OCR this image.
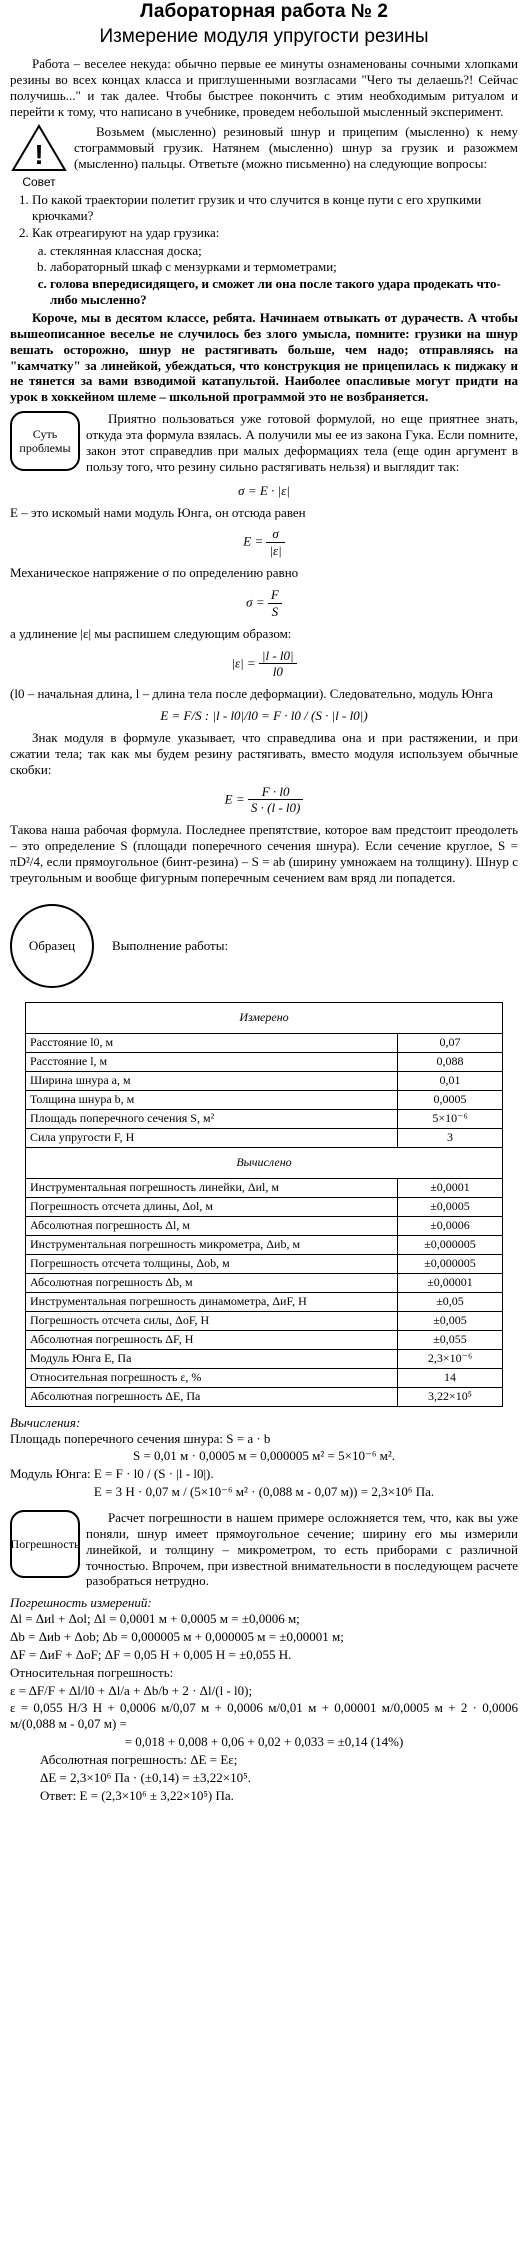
Лабораторная работа № 2
Измерение модуля упругости резины

Работа – веселее некуда: обычно первые ее минуты ознаменованы сочными хлопками резины во всех концах класса и приглушенными возгласами "Чего ты делаешь?! Сейчас получишь..." и так далее. Чтобы быстрее покончить с этим необходимым ритуалом и перейти к тому, что написано в учебнике, проведем небольшой мысленный эксперимент.

!
Совет

Возьмем (мысленно) резиновый шнур и прицепим (мысленно) к нему стограммовый грузик. Натянем (мысленно) шнур за грузик и разожмем (мысленно) пальцы. Ответьте (можно письменно) на следующие вопросы:

1. По какой траектории полетит грузик и что случится в конце пути с его хрупкими крючками?
2. Как отреагируют на удар грузика:
a. стеклянная классная доска;
b. лабораторный шкаф с мензурками и термометрами;
c. голова впередисидящего, и сможет ли она после такого удара продекать что-либо мысленно?

Короче, мы в десятом классе, ребята. Начинаем отвыкать от дурачеств. А чтобы вышеописанное веселье не случилось без злого умысла, помните: грузики на шнур вешать осторожно, шнур не растягивать больше, чем надо; отправляясь на "камчатку" за линейкой, убеждаться, что конструкция не прицепилась к пиджаку и не тянется за вами взводимой катапультой. Наиболее опасливые могут придти на урок в хоккейном шлеме – школьной программой это не возбраняется.

Суть проблемы

Приятно пользоваться уже готовой формулой, но еще приятнее знать, откуда эта формула взялась. А получили мы ее из закона Гука. Если помните, закон этот справедлив при малых деформациях тела (еще один аргумент в пользу того, что резину сильно растягивать нельзя) и выглядит так:

σ = E · |ε|

E – это искомый нами модуль Юнга, он отсюда равен

$E = \frac{\sigma}{|\varepsilon|}$

Механическое напряжение σ по определению равно

$\sigma = \frac{F}{S}$

а удлинение |ε| мы распишем следующим образом:

$|\varepsilon| = \frac{|l - l0|}{l0}$

(l0 – начальная длина, l – длина тела после деформации). Следовательно, модуль Юнга

E = F/S : |l - l0|/l0 = F · l0 / (S · |l - l0|)

Знак модуля в формуле указывает, что справедлива она и при растяжении, и при сжатии тела; так как мы будем резину растягивать, вместо модуля используем обычные скобки:

$E = \frac{F \cdot l0}{S \cdot (l - l0)}$

Такова наша рабочая формула. Последнее препятствие, которое вам предстоит преодолеть – это определение S (площади поперечного сечения шнура). Если сечение круглое, S = πD²/4, если прямоугольное (бинт-резина) – S = ab (ширину умножаем на толщину). Шнур с треугольным и вообще фигурным поперечным сечением вам вряд ли попадется.

Образец	Выполнение работы:
Измерено	
Расстояние l0, м	0,07
Расстояние l, м	0,088
Ширина шнура a, м	0,01
Толщина шнура b, м	0,0005
Площадь поперечного сечения S, м²	5×10⁻⁶
Сила упругости F, Н	3
Вычислено	
Инструментальная погрешность линейки, Δиl, м	±0,0001
Погрешность отсчета длины, Δоl, м	±0,0005
Абсолютная погрешность Δl, м	±0,0006
Инструментальная погрешность микрометра, Δиb, м	±0,000005
Погрешность отсчета толщины, Δоb, м	±0,000005
Абсолютная погрешность Δb, м	±0,00001
Инструментальная погрешность динамометра, ΔиF, Н	±0,05
Погрешность отсчета силы, ΔоF, Н	±0,005
Абсолютная погрешность ΔF, Н	±0,055
Модуль Юнга E, Па	2,3×10⁻⁶
Относительная погрешность ε, %	14
Абсолютная погрешность ΔE, Па	3,22×10⁵
Вычисления:

Площадь поперечного сечения шнура: S = a · b

S = 0,01 м · 0,0005 м = 0,000005 м² = 5×10⁻⁶ м².

Модуль Юнга: E = F · l0 / (S · |l - l0|).

E = 3 Н · 0,07 м / (5×10⁻⁶ м² · (0,088 м - 0,07 м)) = 2,3×10⁶ Па.

Погрешность

Расчет погрешности в нашем примере осложняется тем, что, как вы уже поняли, шнур имеет прямоугольное сечение; ширину его мы измерили линейкой, и толщину – микрометром, то есть приборами с различной точностью. Впрочем, при известной внимательности в последующем расчете разобраться нетрудно.

Погрешность измерений:

Δl = Δиl + Δоl; Δl = 0,0001 м + 0,0005 м = ±0,0006 м;

Δb = Δиb + Δоb; Δb = 0,000005 м + 0,000005 м = ±0,00001 м;

ΔF = ΔиF + ΔоF; ΔF = 0,05 Н + 0,005 Н = ±0,055 Н.

Относительная погрешность:

ε = ΔF/F + Δl/l0 + Δl/a + Δb/b + 2 · Δl/(l - l0);

ε = 0,055 Н/3 Н + 0,0006 м/0,07 м + 0,0006 м/0,01 м + 0,00001 м/0,0005 м + 2 · 0,0006 м/(0,088 м - 0,07 м) =

= 0,018 + 0,008 + 0,06 + 0,02 + 0,033 = ±0,14 (14%)

Абсолютная погрешность: ΔE = Eε;

ΔE = 2,3×10⁶ Па · (±0,14) = ±3,22×10⁵.

Ответ: E = (2,3×10⁶ ± 3,22×10⁵) Па.
